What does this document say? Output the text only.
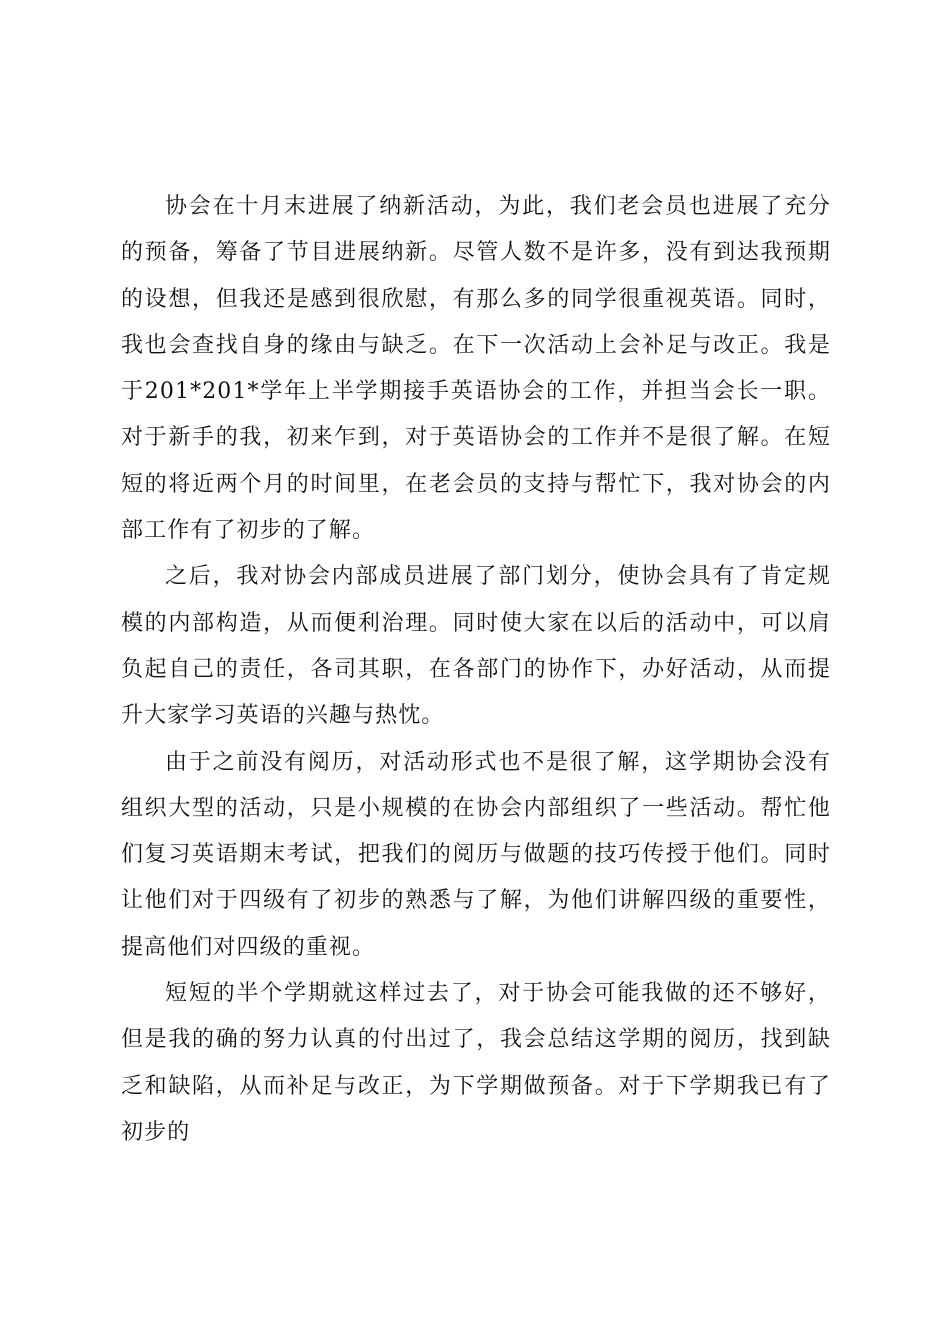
协会在十月末进展了纳新活动，为此，我们老会员也进展了充分的预备，筹备了节目进展纳新。尽管人数不是许多，没有到达我预期的设想，但我还是感到很欣慰，有那么多的同学很重视英语。同时，我也会查找自身的缘由与缺乏。在下一次活动上会补足与改正。我是于201*201*学年上半学期接手英语协会的工作，并担当会长一职。对于新手的我，初来乍到，对于英语协会的工作并不是很了解。在短短的将近两个月的时间里，在老会员的支持与帮忙下，我对协会的内部工作有了初步的了解。

之后，我对协会内部成员进展了部门划分，使协会具有了肯定规模的内部构造，从而便利治理。同时使大家在以后的活动中，可以肩负起自己的责任，各司其职，在各部门的协作下，办好活动，从而提升大家学习英语的兴趣与热忱。

由于之前没有阅历，对活动形式也不是很了解，这学期协会没有组织大型的活动，只是小规模的在协会内部组织了一些活动。帮忙他们复习英语期末考试，把我们的阅历与做题的技巧传授于他们。同时让他们对于四级有了初步的熟悉与了解，为他们讲解四级的重要性，提高他们对四级的重视。

短短的半个学期就这样过去了，对于协会可能我做的还不够好，但是我的确的努力认真的付出过了，我会总结这学期的阅历，找到缺乏和缺陷，从而补足与改正，为下学期做预备。对于下学期我已有了初步的
